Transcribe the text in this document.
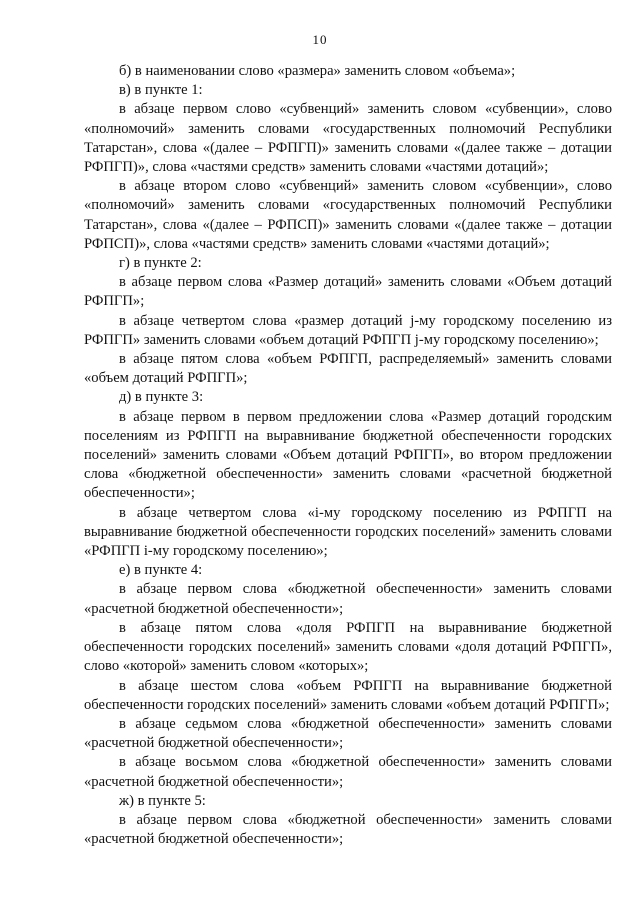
10

б) в наименовании слово «размера» заменить словом «объема»;

в) в пункте 1:

в абзаце первом слово «субвенций» заменить словом «субвенции», слово «полномочий» заменить словами «государственных полномочий Республики Татарстан», слова «(далее – РФПГП)» заменить словами «(далее также – дотации РФПГП)», слова «частями средств» заменить словами «частями дотаций»;

в абзаце втором слово «субвенций» заменить словом «субвенции», слово «полномочий» заменить словами «государственных полномочий Республики Татарстан», слова «(далее – РФПСП)» заменить словами «(далее также – дотации РФПСП)», слова «частями средств» заменить словами «частями дотаций»;

г) в пункте 2:

в абзаце первом слова «Размер дотаций» заменить словами «Объем дотаций РФПГП»;

в абзаце четвертом слова «размер дотаций j-му городскому поселению из РФПГП» заменить словами «объем дотаций РФПГП j-му городскому поселению»;

в абзаце пятом слова «объем РФПГП, распределяемый» заменить словами «объем дотаций РФПГП»;

д) в пункте 3:

в абзаце первом в первом предложении слова «Размер дотаций городским поселениям из РФПГП на выравнивание бюджетной обеспеченности городских поселений» заменить словами «Объем дотаций РФПГП», во втором предложении слова «бюджетной обеспеченности» заменить словами «расчетной бюджетной обеспеченности»;

в абзаце четвертом слова «i-му городскому поселению из РФПГП на выравнивание бюджетной обеспеченности городских поселений» заменить словами «РФПГП i-му городскому поселению»;

е) в пункте 4:

в абзаце первом слова «бюджетной обеспеченности» заменить словами «расчетной бюджетной обеспеченности»;

в абзаце пятом слова «доля РФПГП на выравнивание бюджетной обеспеченности городских поселений» заменить словами «доля дотаций РФПГП», слово «которой» заменить словом «которых»;

в абзаце шестом слова «объем РФПГП на выравнивание бюджетной обеспеченности городских поселений» заменить словами «объем дотаций РФПГП»;

в абзаце седьмом слова «бюджетной обеспеченности» заменить словами «расчетной бюджетной обеспеченности»;

в абзаце восьмом слова «бюджетной обеспеченности» заменить словами «расчетной бюджетной обеспеченности»;

ж) в пункте 5:

в абзаце первом слова «бюджетной обеспеченности» заменить словами «расчетной бюджетной обеспеченности»;
